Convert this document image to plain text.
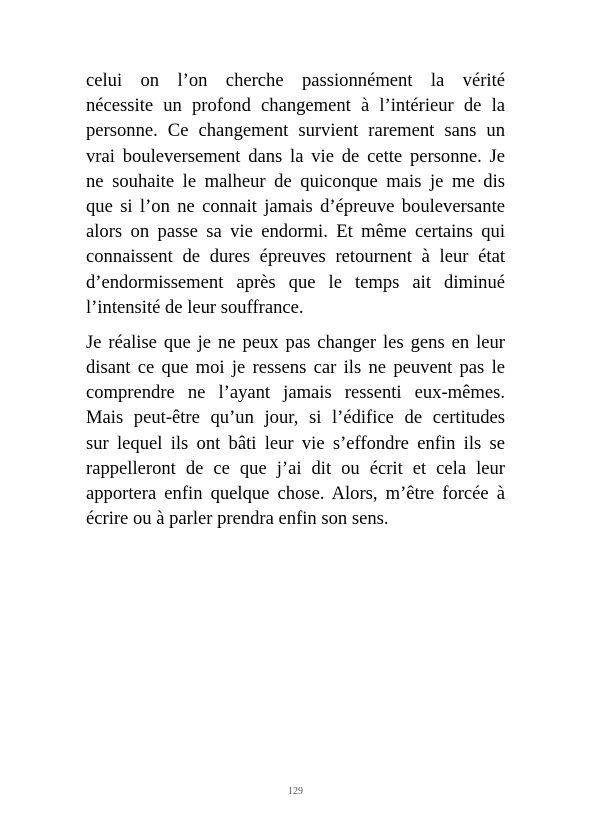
celui on l’on cherche passionnément la vérité
nécessite un profond changement à l’intérieur de la
personne. Ce changement survient rarement sans un
vrai bouleversement dans la vie de cette personne. Je
ne souhaite le malheur de quiconque mais je me dis
que si l’on ne connait jamais d’épreuve bouleversante
alors on passe sa vie endormi. Et même certains qui
connaissent de dures épreuves retournent à leur état
d’endormissement après que le temps ait diminué
l’intensité de leur souffrance.

Je réalise que je ne peux pas changer les gens en leur
disant ce que moi je ressens car ils ne peuvent pas le
comprendre ne l’ayant jamais ressenti eux-mêmes.
Mais peut-être qu’un jour, si l’édifice de certitudes
sur lequel ils ont bâti leur vie s’effondre enfin ils se
rappelleront de ce que j’ai dit ou écrit et cela leur
apportera enfin quelque chose. Alors, m’être forcée à
écrire ou à parler prendra enfin son sens.

129
